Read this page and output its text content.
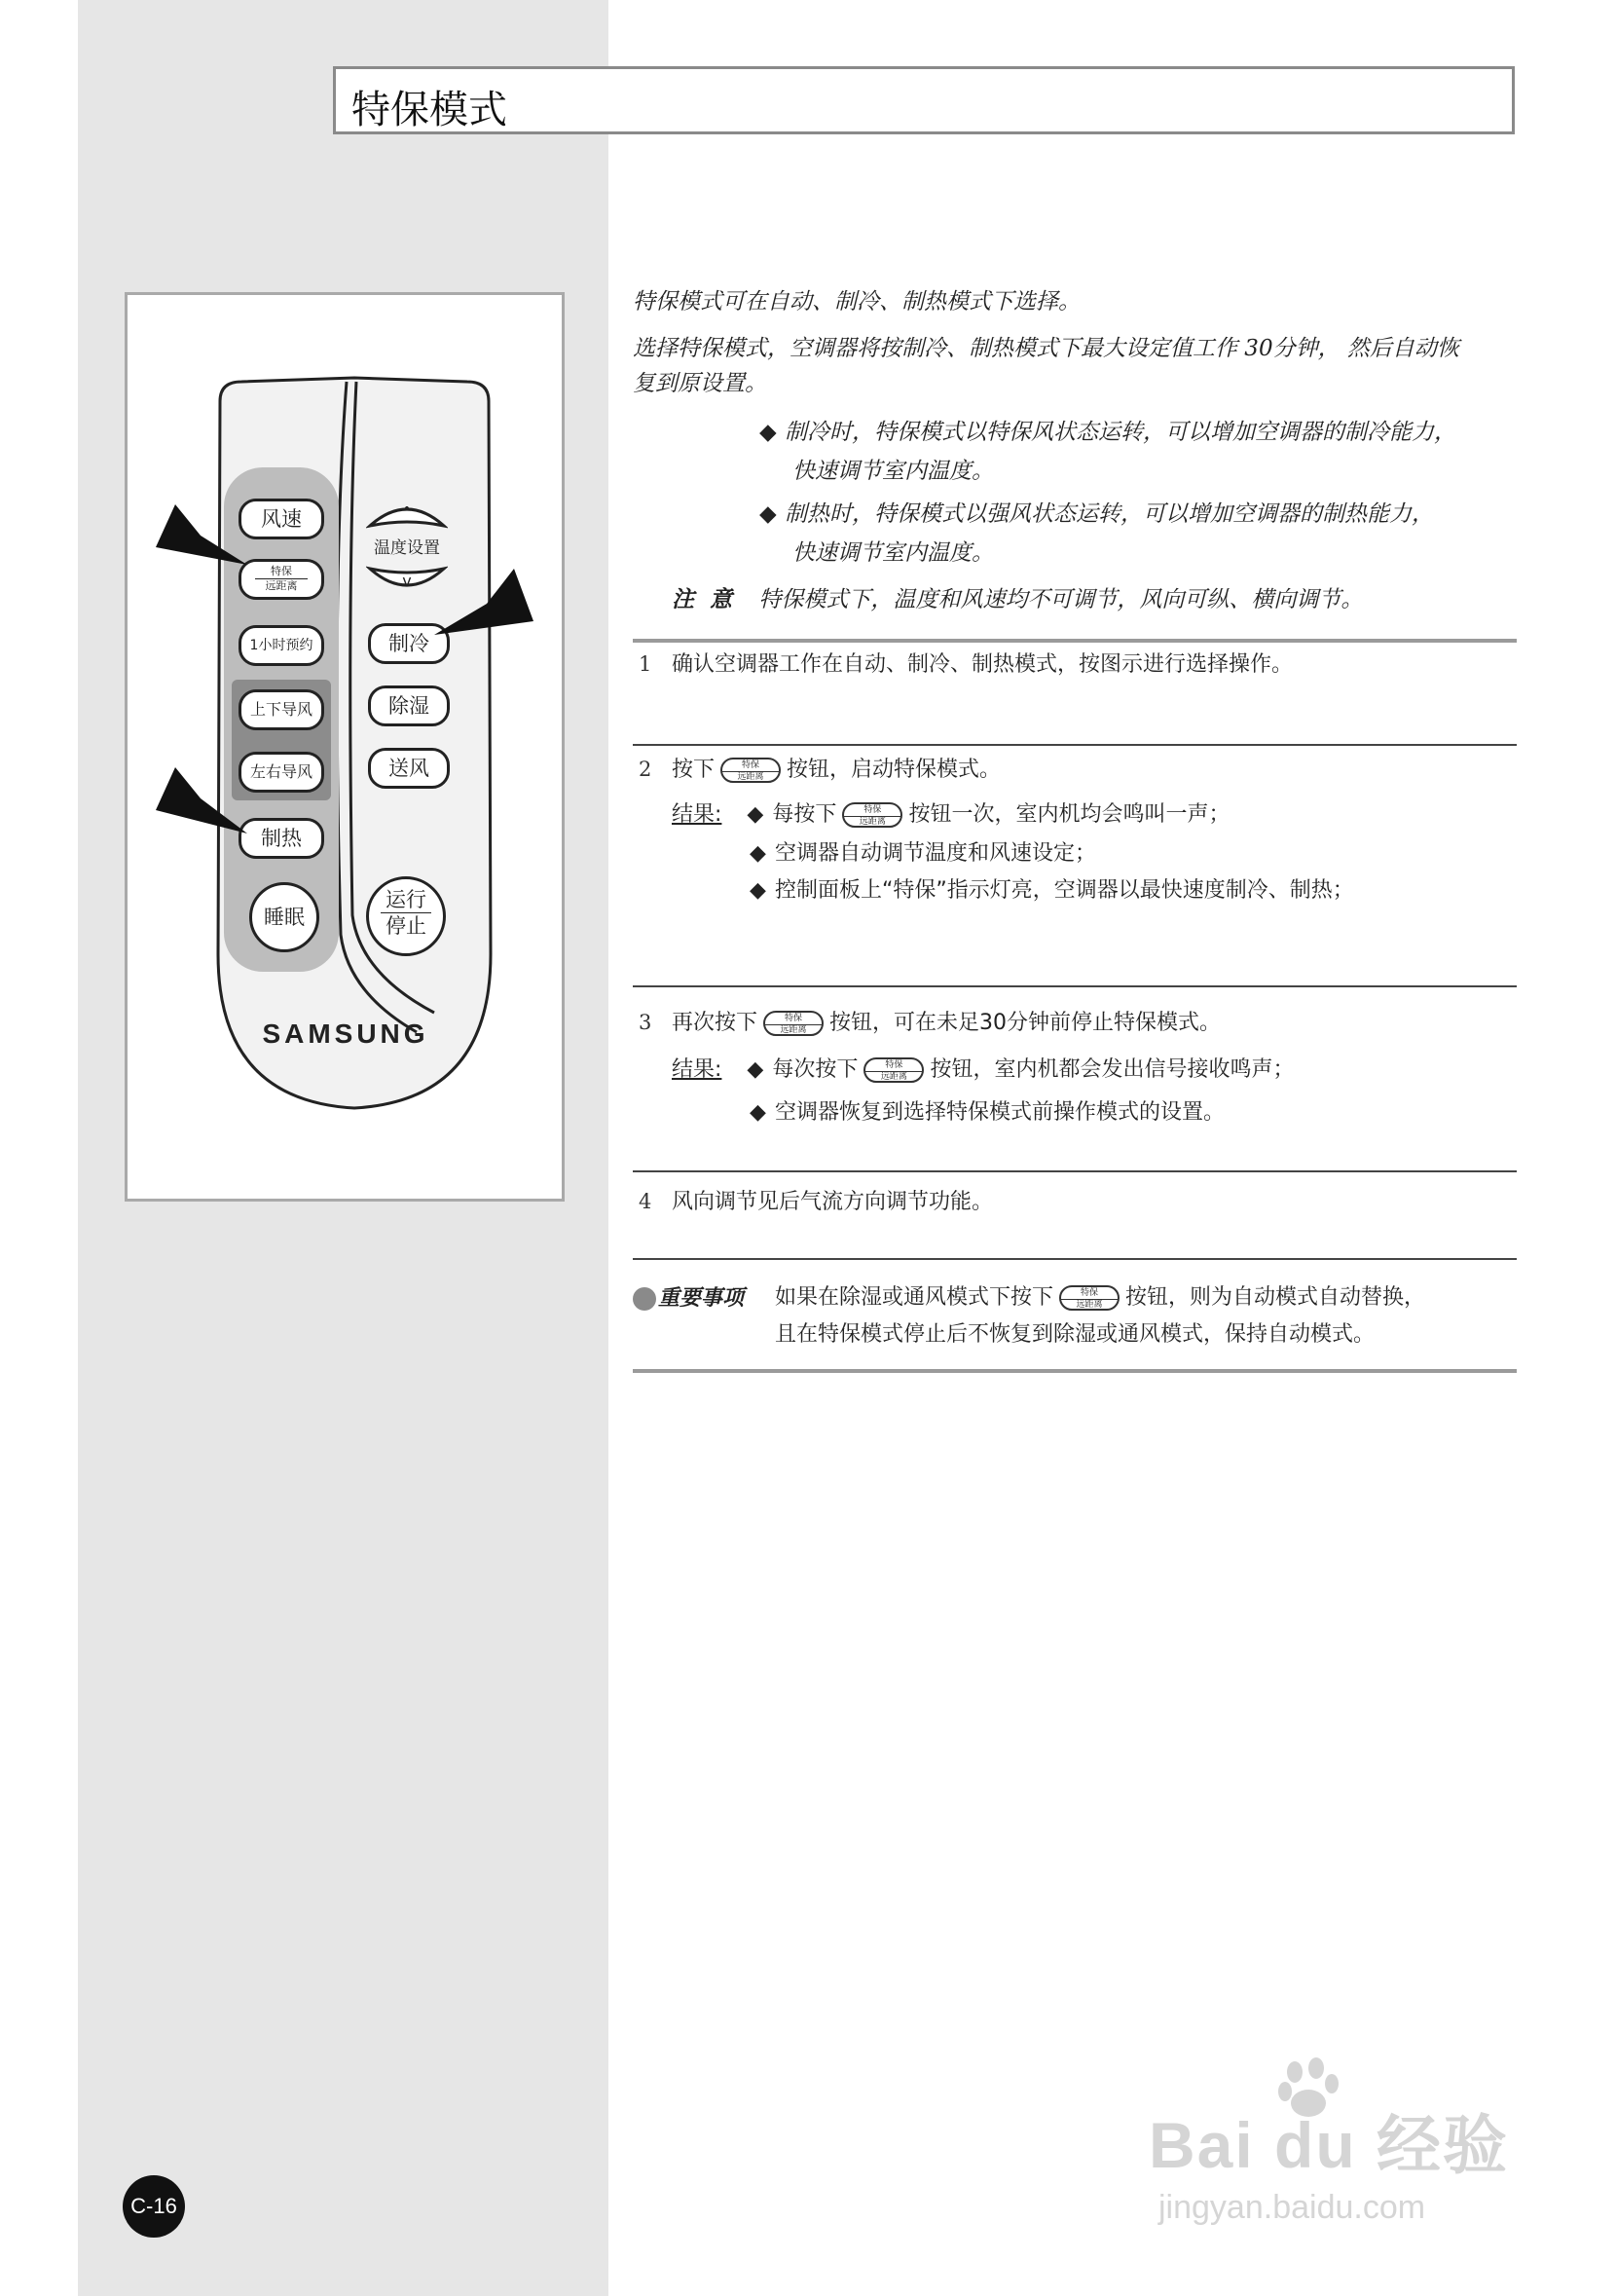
特保模式
风速
特保
远距离
1小时预约
上下导风
左右导风
制热
睡眠
^
v
温度设置
制冷
除湿
送风
运行
停止
SAMSUNG
特保模式可在自动、制冷、制热模式下选择。
选择特保模式，空调器将按制冷、制热模式下最大设定值工作 30分钟， 然后自动恢
复到原设置。
◆ 制冷时，特保模式以特保风状态运转，可以增加空调器的制冷能力，
快速调节室内温度。
◆ 制热时，特保模式以强风状态运转，可以增加空调器的制热能力，
快速调节室内温度。
注 意 特保模式下，温度和风速均不可调节，风向可纵、横向调节。
1 确认空调器工作在自动、制冷、制热模式，按图示进行选择操作。
2 按下	特保
远距离	按钮，启动特保模式。
结果: ◆ 每按下	特保
远距离	按钮一次，室内机均会鸣叫一声；
◆ 空调器自动调节温度和风速设定；
◆ 控制面板上“特保”指示灯亮，空调器以最快速度制冷、制热；
3 再次按下	特保
远距离	按钮，可在未足30分钟前停止特保模式。
结果: ◆ 每次按下	特保
远距离	按钮，室内机都会发出信号接收鸣声；
◆ 空调器恢复到选择特保模式前操作模式的设置。
4 风向调节见后气流方向调节功能。
重要事项 如果在除湿或通风模式下按下	特保
远距离	按钮，则为自动模式自动替换，
且在特保模式停止后不恢复到除湿或通风模式，保持自动模式。
C-16
Bai du 经验
jingyan.baidu.com
